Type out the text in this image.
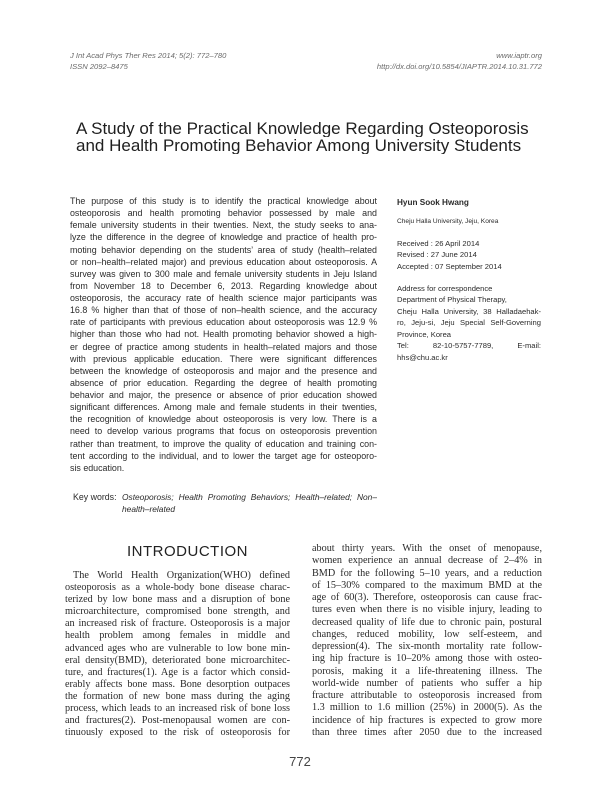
J Int Acad Phys Ther Res 2014; 5(2): 772–780
ISSN 2092–8475
www.iaptr.org
http://dx.doi.org/10.5854/JIAPTR.2014.10.31.772
A Study of the Practical Knowledge Regarding Osteoporosis
and Health Promoting Behavior Among University Students
The purpose of this study is to identify the practical knowledge about
osteoporosis and health promoting behavior possessed by male and
female university students in their twenties. Next, the study seeks to ana-
lyze the difference in the degree of knowledge and practice of health pro-
moting behavior depending on the students’ area of study (health–related
or non–health–related major) and previous education about osteoporosis. A
survey was given to 300 male and female university students in Jeju Island
from November 18 to December 6, 2013. Regarding knowledge about
osteoporosis, the accuracy rate of health science major participants was
16.8 % higher than that of those of non–health science, and the accuracy
rate of participants with previous education about osteoporosis was 12.9 %
higher than those who had not. Health promoting behavior showed a high-
er degree of practice among students in health–related majors and those
with previous applicable education. There were significant differences
between the knowledge of osteoporosis and major and the presence and
absence of prior education. Regarding the degree of health promoting
behavior and major, the presence or absence of prior education showed
significant differences. Among male and female students in their twenties,
the recognition of knowledge about osteoporosis is very low. There is a
need to develop various programs that focus on osteoporosis prevention
rather than treatment, to improve the quality of education and training con-
tent according to the individual, and to lower the target age for osteoporo-
sis education.
Hyun Sook Hwang
Cheju Halla University, Jeju, Korea
Received : 26 April 2014
Revised : 27 June 2014
Accepted : 07 September 2014
Address for correspondence
Department of Physical Therapy,
Cheju Halla University, 38 Halladaehak-
ro, Jeju-si, Jeju Special Self-Governing
Province, Korea
Tel: 82-10-5757-7789, E-mail:
hhs@chu.ac.kr
Key words: Osteoporosis; Health Promoting Behaviors; Health–related; Non–
health–related
INTRODUCTION
The World Health Organization(WHO) defined
osteoporosis as a whole-body bone disease charac-
terized by low bone mass and a disruption of bone
microarchitecture, compromised bone strength, and
an increased risk of fracture. Osteoporosis is a major
health problem among females in middle and
advanced ages who are vulnerable to low bone min-
eral density(BMD), deteriorated bone microarchitec-
ture, and fractures(1). Age is a factor which consid-
erably affects bone mass. Bone desorption outpaces
the formation of new bone mass during the aging
process, which leads to an increased risk of bone loss
and fractures(2). Post-menopausal women are con-
tinuously exposed to the risk of osteoporosis for
about thirty years. With the onset of menopause,
women experience an annual decrease of 2–4% in
BMD for the following 5–10 years, and a reduction
of 15–30% compared to the maximum BMD at the
age of 60(3). Therefore, osteoporosis can cause frac-
tures even when there is no visible injury, leading to
decreased quality of life due to chronic pain, postural
changes, reduced mobility, low self-esteem, and
depression(4). The six-month mortality rate follow-
ing hip fracture is 10–20% among those with osteo-
porosis, making it a life-threatening illness. The
world-wide number of patients who suffer a hip
fracture attributable to osteoporosis increased from
1.3 million to 1.6 million (25%) in 2000(5). As the
incidence of hip fractures is expected to grow more
than three times after 2050 due to the increased
772
